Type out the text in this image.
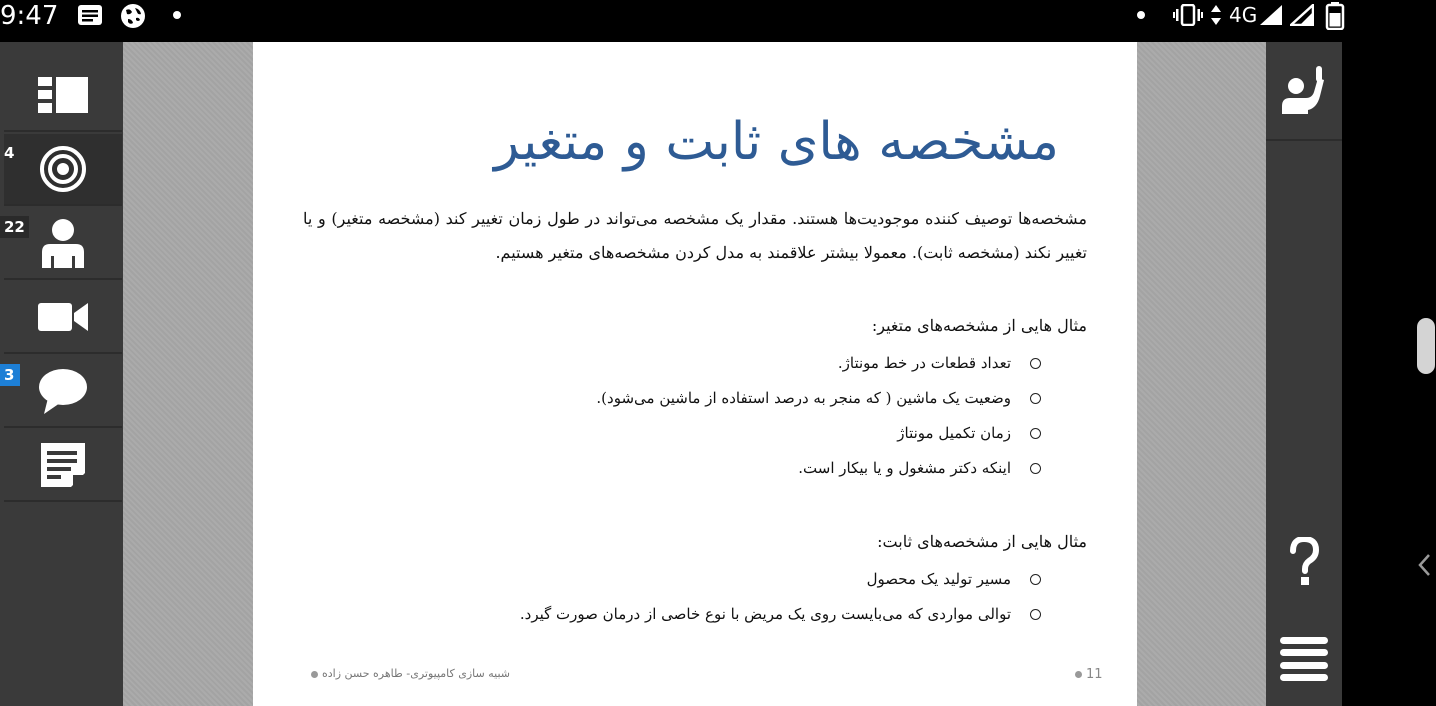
9:47	4G
4
22
3
مشخصه های ثابت و متغیر
مشخصه‌ها توصیف کننده موجودیت‌ها هستند. مقدار یک مشخصه می‌تواند در طول زمان تغییر کند (مشخصه متغیر) و یا تغییر نکند (مشخصه ثابت). معمولا بیشتر علاقمند به مدل کردن مشخصه‌های متغیر هستیم.
مثال هایی از مشخصه‌های متغیر:
تعداد قطعات در خط مونتاژ.
وضعیت یک ماشین ( که منجر به درصد استفاده از ماشین می‌شود).
زمان تکمیل مونتاژ
اینکه دکتر مشغول و یا بیکار است.
مثال هایی از مشخصه‌های ثابت:
مسیر تولید یک محصول
توالی مواردی که می‌بایست روی یک مریض با نوع خاصی از درمان صورت گیرد.
شبیه سازی کامپیوتری- طاهره حسن زاده	11
